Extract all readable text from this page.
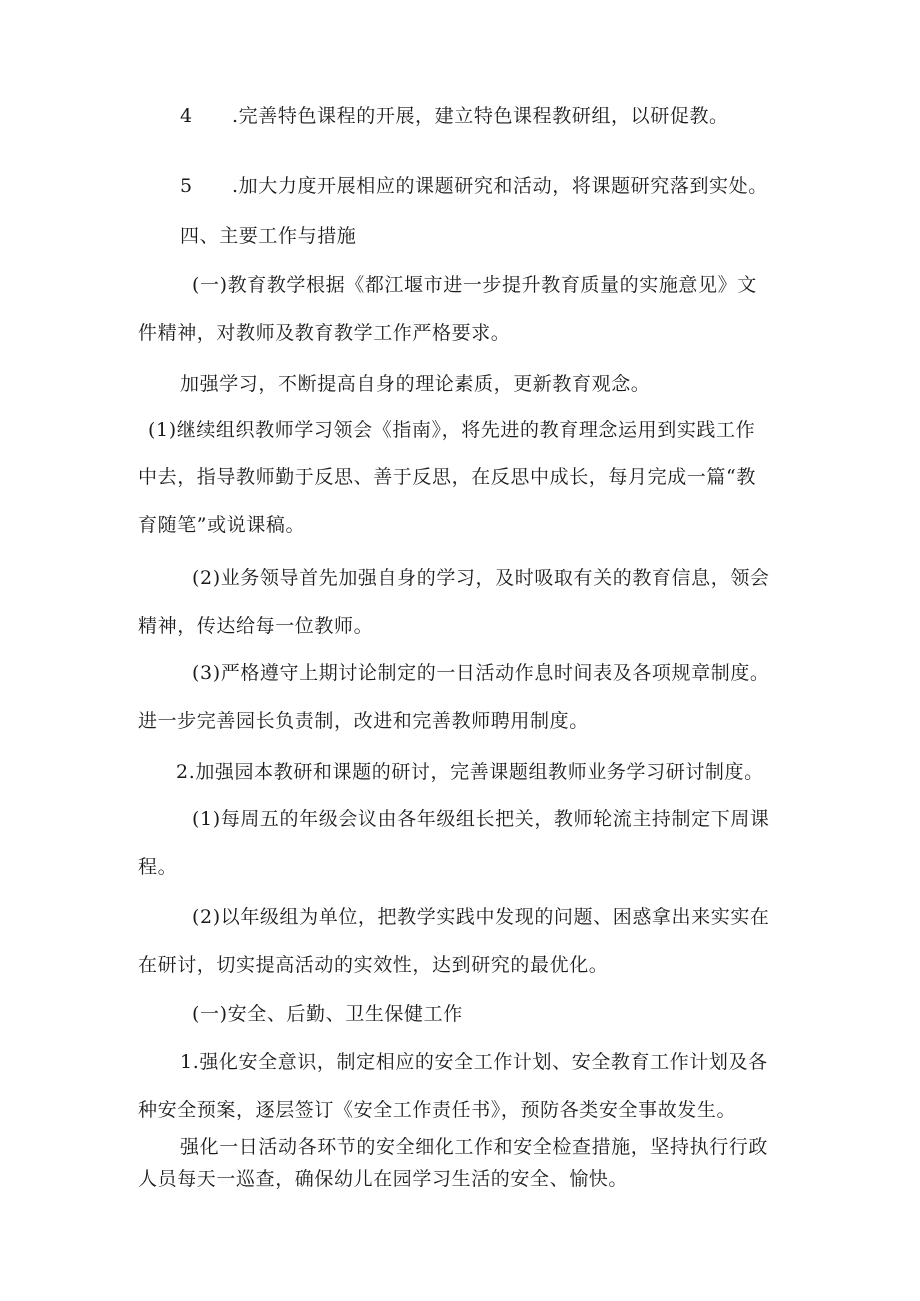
4 .完善特色课程的开展，建立特色课程教研组，以研促教。
5 .加大力度开展相应的课题研究和活动，将课题研究落到实处。
四、主要工作与措施
(一)教育教学根据《都江堰市进一步提升教育质量的实施意见》文
件精神，对教师及教育教学工作严格要求。
加强学习，不断提高自身的理论素质，更新教育观念。
(1)继续组织教师学习领会《指南》，将先进的教育理念运用到实践工作
中去，指导教师勤于反思、善于反思，在反思中成长，每月完成一篇“教
育随笔”或说课稿。
(2)业务领导首先加强自身的学习，及时吸取有关的教育信息，领会
精神，传达给每一位教师。
(3)严格遵守上期讨论制定的一日活动作息时间表及各项规章制度。
进一步完善园长负责制，改进和完善教师聘用制度。
2.加强园本教研和课题的研讨，完善课题组教师业务学习研讨制度。
(1)每周五的年级会议由各年级组长把关，教师轮流主持制定下周课
程。
(2)以年级组为单位，把教学实践中发现的问题、困惑拿出来实实在
在研讨，切实提高活动的实效性，达到研究的最优化。
(一)安全、后勤、卫生保健工作
1.强化安全意识，制定相应的安全工作计划、安全教育工作计划及各
种安全预案，逐层签订《安全工作责任书》，预防各类安全事故发生。
强化一日活动各环节的安全细化工作和安全检查措施，坚持执行行政
人员每天一巡查，确保幼儿在园学习生活的安全、愉快。
